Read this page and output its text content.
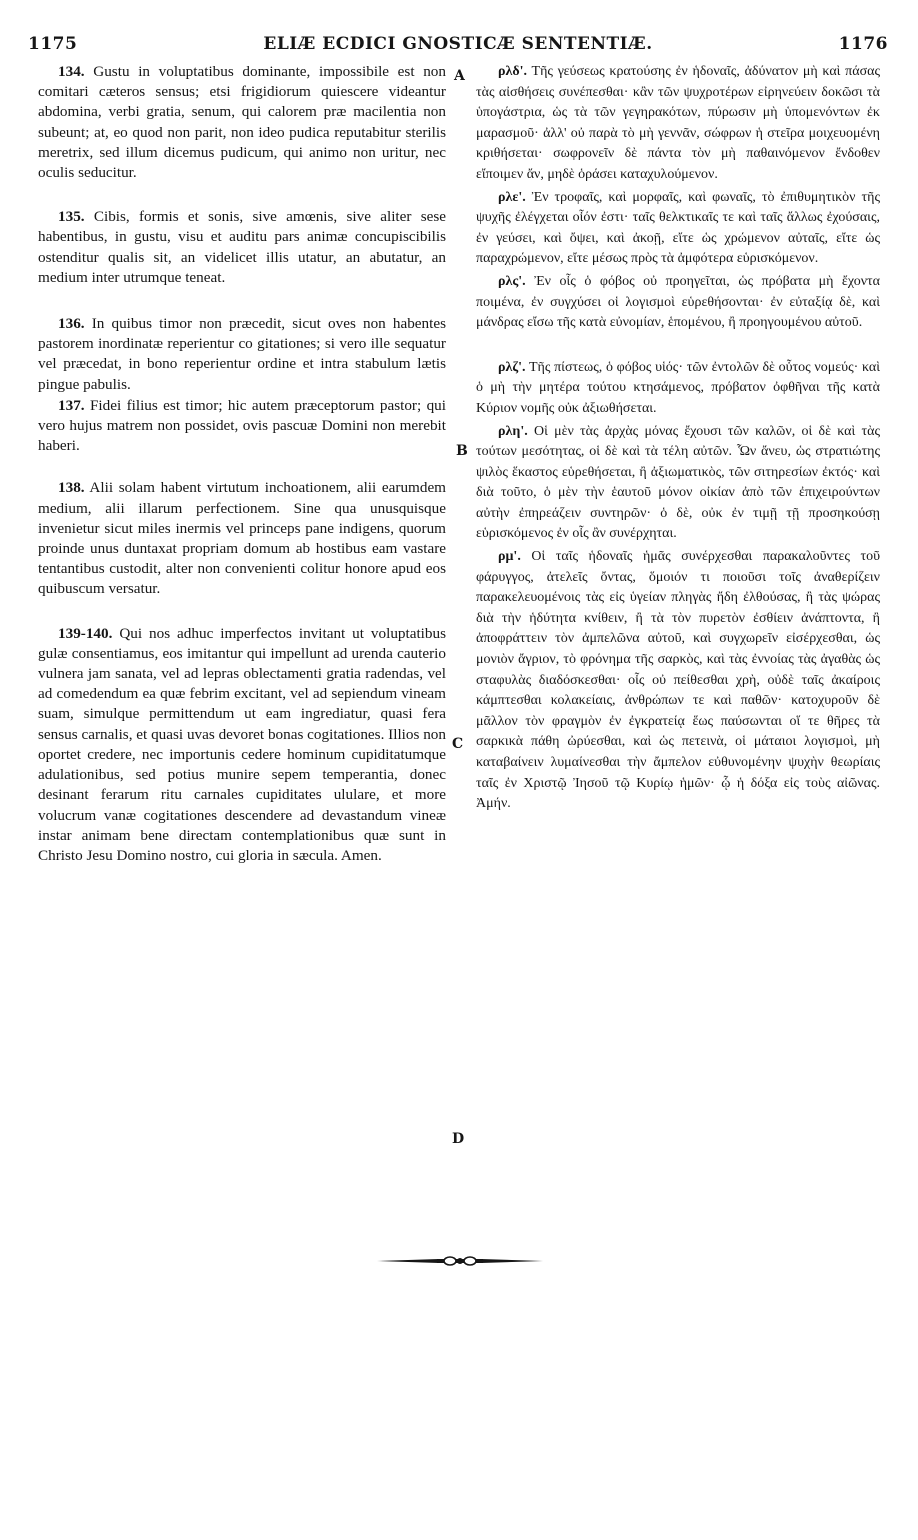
1175	ELIÆ ECDICI GNOSTICÆ SENTENTIÆ.	1176

134. Gustu in voluptatibus dominante, impossibile est non comitari cæteros sensus; etsi frigidiorum quiescere videantur abdomina, verbi gratia, senum, qui calorem præ macilentia non subeunt; at, eo quod non parit, non ideo pudica reputabitur sterilis meretrix, sed illum dicemus pudicum, qui animo non uritur, nec oculis seducitur.

135. Cibis, formis et sonis, sive amœnis, sive aliter sese habentibus, in gustu, visu et auditu pars animæ concupiscibilis ostenditur qualis sit, an videlicet illis utatur, an abutatur, an medium inter utrumque teneat.

136. In quibus timor non præcedit, sicut oves non habentes pastorem inordinatæ reperientur co gitationes; si vero ille sequatur vel præcedat, in bono reperientur ordine et intra stabulum lætis pingue pabulis.

137. Fidei filius est timor; hic autem præceptorum pastor; qui vero hujus matrem non possidet, ovis pascuæ Domini non merebit haberi.

138. Alii solam habent virtutum inchoationem, alii earumdem medium, alii illarum perfectionem. Sine qua unusquisque invenietur sicut miles inermis vel princeps pane indigens, quorum proinde unus duntaxat propriam domum ab hostibus eam vastare tentantibus custodit, alter non convenienti colitur honore apud eos quibuscum versatur.

139-140. Qui nos adhuc imperfectos invitant ut voluptatibus gulæ consentiamus, eos imitantur qui impellunt ad urenda cauterio vulnera jam sanata, vel ad lepras oblectamenti gratia radendas, vel ad comedendum ea quæ febrim excitant, vel ad sepiendum vineam suam, simulque permittendum ut eam ingrediatur, quasi fera sensus carnalis, et quasi uvas devoret bonas cogitationes. Illios non oportet credere, nec importunis cedere hominum cupiditatumque adulationibus, sed potius munire sepem temperantia, donec desinant ferarum ritu carnales cupiditates ululare, et more volucrum vanæ cogitationes descendere ad devastandum vineæ instar animam bene directam contemplationibus quæ sunt in Christo Jesu Domino nostro, cui gloria in sæcula. Amen.

A
B
C
D

ρλδ'. Τῆς γεύσεως κρατούσης ἐν ἡδοναῖς, ἀδύνατον μὴ καὶ πάσας τὰς αἰσθήσεις συνέπεσθαι· κἂν τῶν ψυχροτέρων εἰρηνεύειν δοκῶσι τὰ ὑπογάστρια, ὡς τὰ τῶν γεγηρακότων, πύρωσιν μὴ ὑπομενόντων ἐκ μαρασμοῦ· ἀλλ' οὐ παρὰ τὸ μὴ γεννᾶν, σώφρων ἡ στεῖρα μοιχευομένη κριθήσεται· σωφρονεῖν δὲ πάντα τὸν μὴ παθαινόμενον ἔνδοθεν εἴποιμεν ἄν, μηδὲ ὁράσει καταχυλούμενον.

ρλε'. Ἐν τροφαῖς, καὶ μορφαῖς, καὶ φωναῖς, τὸ ἐπιθυμητικὸν τῆς ψυχῆς ἐλέγχεται οἷόν ἐστι· ταῖς θελκτικαῖς τε καὶ ταῖς ἄλλως ἐχούσαις, ἐν γεύσει, καὶ ὄψει, καὶ ἀκοῇ, εἴτε ὡς χρώμενον αὐταῖς, εἴτε ὡς παραχρώμενον, εἴτε μέσως πρὸς τὰ ἀμφότερα εὑρισκόμενον.

ρλς'. Ἐν οἷς ὁ φόβος οὐ προηγεῖται, ὡς πρόβατα μὴ ἔχοντα ποιμένα, ἐν συγχύσει οἱ λογισμοὶ εὑρεθήσονται· ἐν εὐταξίᾳ δὲ, καὶ μάνδρας εἴσω τῆς κατὰ εὐνομίαν, ἑπομένου, ἢ προηγουμένου αὐτοῦ.

ρλζ'. Τῆς πίστεως, ὁ φόβος υἱός· τῶν ἐντολῶν δὲ οὗτος νομεύς· καὶ ὁ μὴ τὴν μητέρα τούτου κτησάμενος, πρόβατον ὀφθῆναι τῆς κατὰ Κύριον νομῆς οὐκ ἀξιωθήσεται.

ρλη'. Οἱ μὲν τὰς ἀρχὰς μόνας ἔχουσι τῶν καλῶν, οἱ δὲ καὶ τὰς τούτων μεσότητας, οἱ δὲ καὶ τὰ τέλη αὐτῶν. Ὧν ἄνευ, ὡς στρατιώτης ψιλὸς ἕκαστος εὑρεθήσεται, ἢ ἀξιωματικὸς, τῶν σιτηρεσίων ἐκτός· καὶ διὰ τοῦτο, ὁ μὲν τὴν ἑαυτοῦ μόνον οἰκίαν ἀπὸ τῶν ἐπιχειρούντων αὐτὴν ἐπηρεάζειν συντηρῶν· ὁ δὲ, οὐκ ἐν τιμῇ τῇ προσηκούσῃ εὑρισκόμενος ἐν οἷς ἂν συνέρχηται.

ρμ'. Οἱ ταῖς ἡδοναῖς ἡμᾶς συνέρχεσθαι παρακαλοῦντες τοῦ φάρυγγος, ἀτελεῖς ὄντας, ὅμοιόν τι ποιοῦσι τοῖς ἀναθερίζειν παρακελευομένοις τὰς εἰς ὑγείαν πληγὰς ἤδη ἐλθούσας, ἢ τὰς ψώρας διὰ τὴν ἡδύτητα κνίθειν, ἢ τὰ τὸν πυρετὸν ἐσθίειν ἀνάπτοντα, ἢ ἀποφράττειν τὸν ἀμπελῶνα αὐτοῦ, καὶ συγχωρεῖν εἰσέρχεσθαι, ὡς μονιὸν ἄγριον, τὸ φρόνημα τῆς σαρκὸς, καὶ τὰς ἐννοίας τὰς ἀγαθὰς ὡς σταφυλὰς διαδόσκεσθαι· οἷς οὐ πείθεσθαι χρὴ, οὐδὲ ταῖς ἀκαίροις κάμπτεσθαι κολακείαις, ἀνθρώπων τε καὶ παθῶν· κατοχυροῦν δὲ μᾶλλον τὸν φραγμὸν ἐν ἐγκρατείᾳ ἕως παύσωνται οἵ τε θῆρες τὰ σαρκικὰ πάθη ὠρύεσθαι, καὶ ὡς πετεινὰ, οἱ μάταιοι λογισμοὶ, μὴ καταβαίνειν λυμαίνεσθαι τὴν ἄμπελον εὐθυνομένην ψυχὴν θεωρίαις ταῖς ἐν Χριστῷ Ἰησοῦ τῷ Κυρίῳ ἡμῶν· ᾧ ἡ δόξα εἰς τοὺς αἰῶνας. Ἀμήν.
